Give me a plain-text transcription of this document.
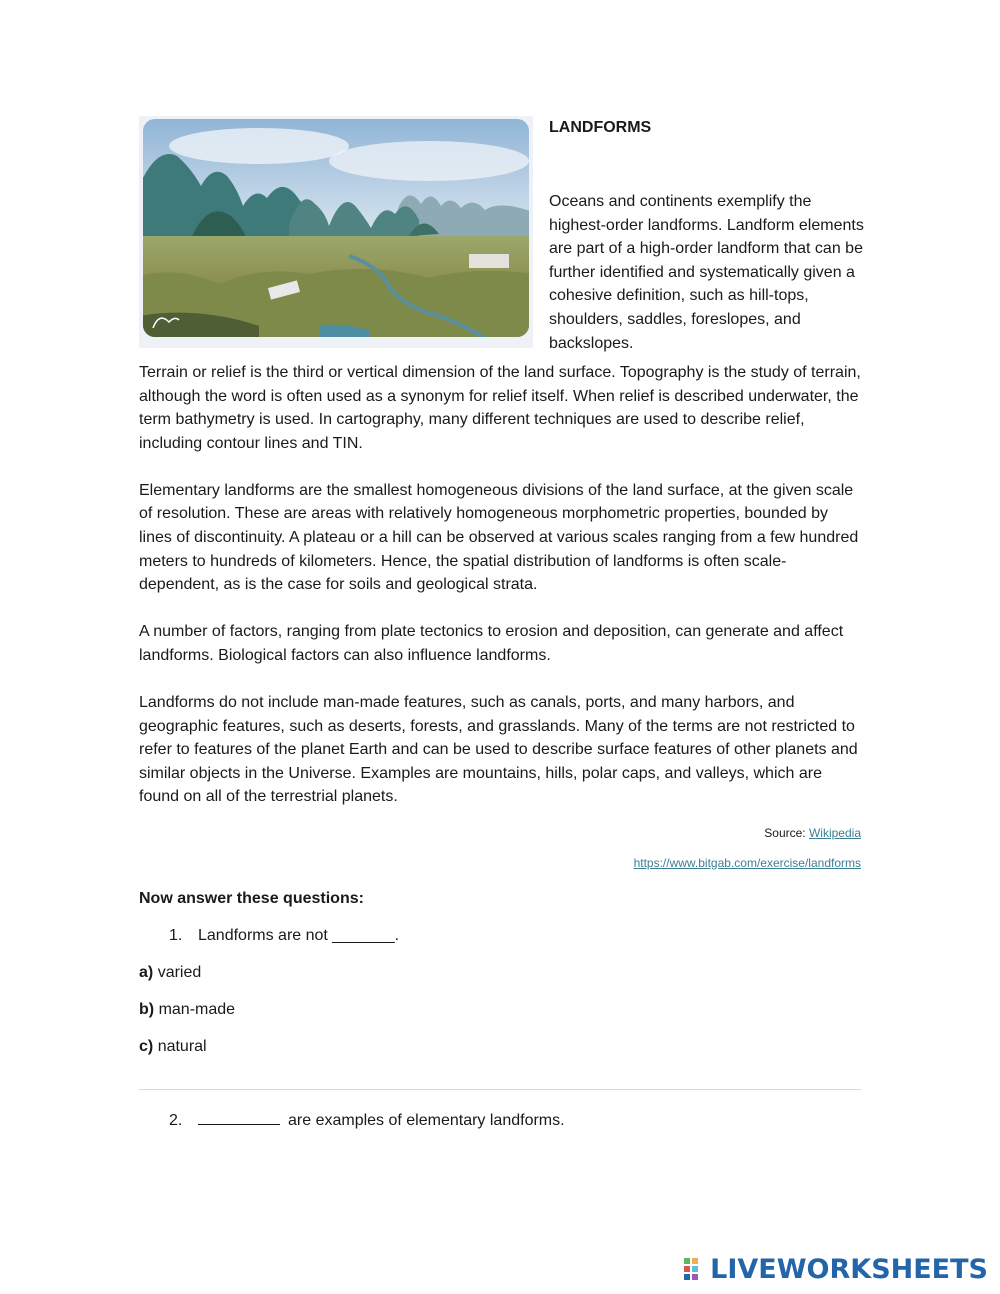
LANDFORMS
Oceans and continents exemplify the highest-order landforms. Landform elements are part of a high-order landform that can be further identified and systematically given a cohesive definition, such as hill-tops, shoulders, saddles, foreslopes, and backslopes.

Terrain or relief is the third or vertical dimension of the land surface. Topography is the study of terrain, although the word is often used as a synonym for relief itself. When relief is described underwater, the term bathymetry is used. In cartography, many different techniques are used to describe relief, including contour lines and TIN.

Elementary landforms are the smallest homogeneous divisions of the land surface, at the given scale of resolution. These are areas with relatively homogeneous morphometric properties, bounded by lines of discontinuity. A plateau or a hill can be observed at various scales ranging from a few hundred meters to hundreds of kilometers. Hence, the spatial distribution of landforms is often scale-dependent, as is the case for soils and geological strata.

A number of factors, ranging from plate tectonics to erosion and deposition, can generate and affect landforms. Biological factors can also influence landforms.

Landforms do not include man-made features, such as canals, ports, and many harbors, and geographic features, such as deserts, forests, and grasslands. Many of the terms are not restricted to refer to features of the planet Earth and can be used to describe surface features of other planets and similar objects in the Universe. Examples are mountains, hills, polar caps, and valleys, which are found on all of the terrestrial planets.

Source: Wikipedia
https://www.bitgab.com/exercise/landforms
Now answer these questions:
1. Landforms are not _______.
a) varied
b) man-made
c) natural
2.	are examples of elementary landforms.
LIVEWORKSHEETS
